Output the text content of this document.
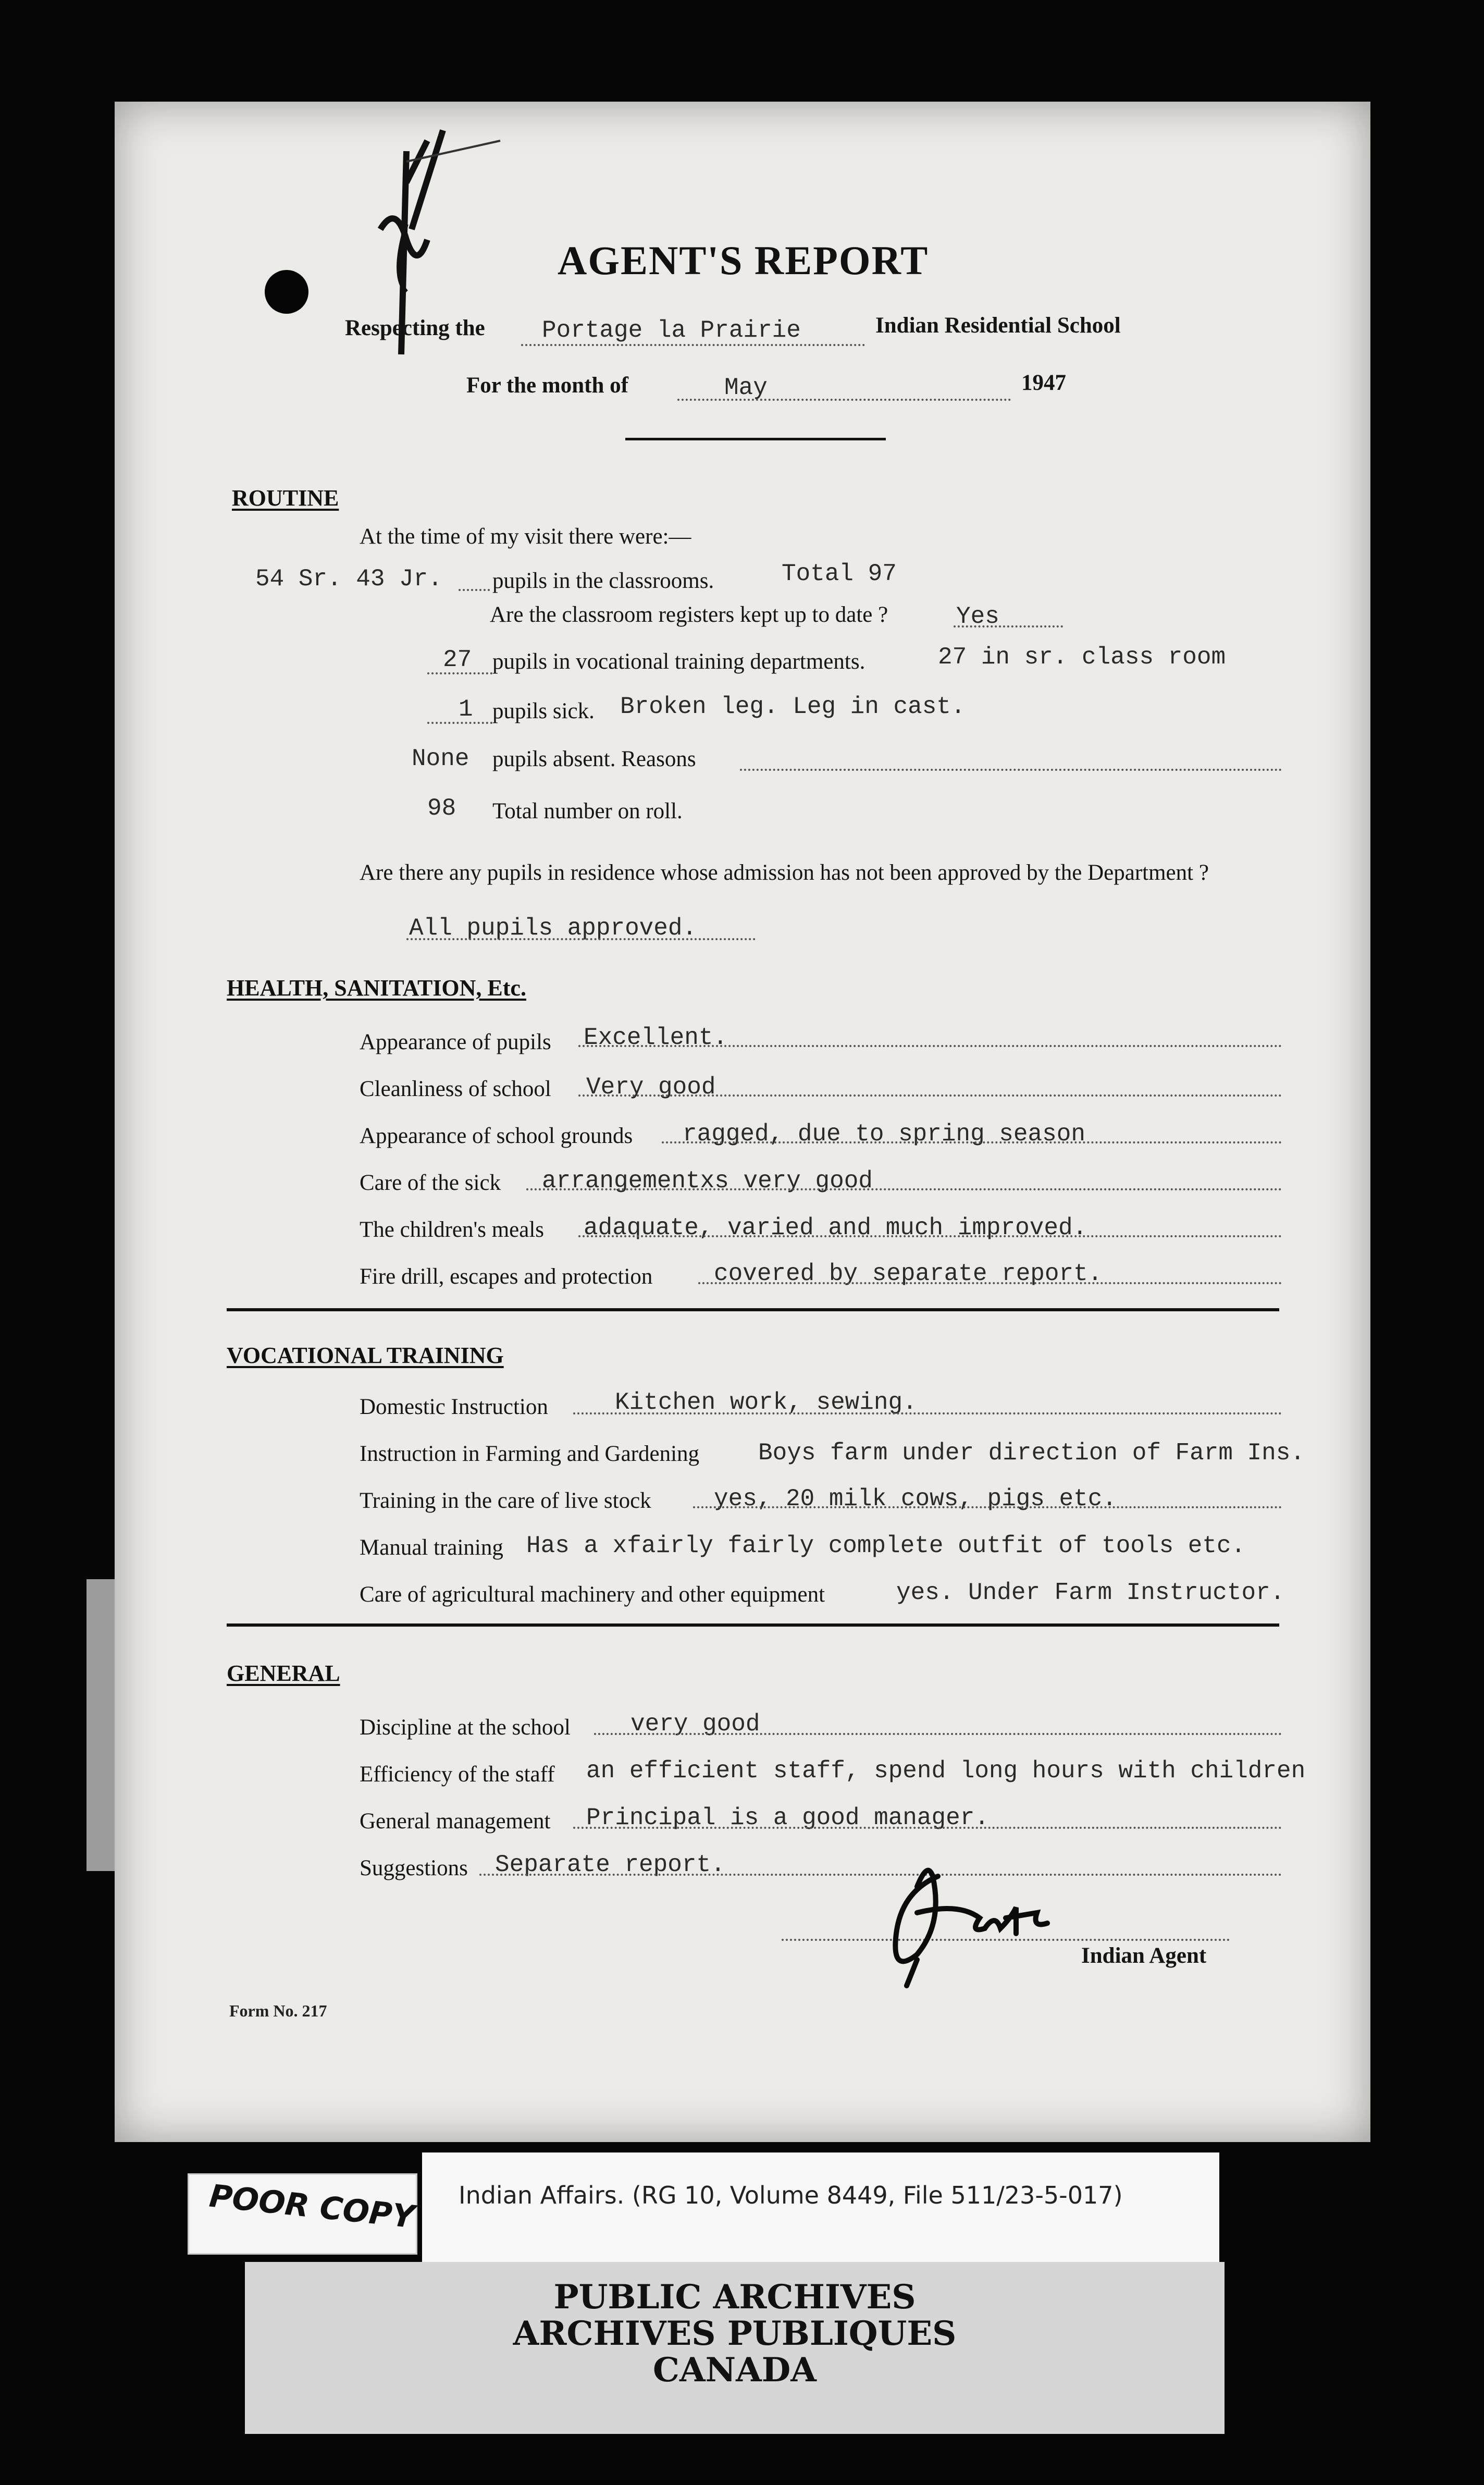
AGENT'S REPORT
Respecting the Portage la Prairie	Indian Residential School
For the month of	May	1947
ROUTINE
At the time of my visit there were:—
54 Sr. 43 Jr. pupils in the classrooms.	Total 97
Are the classroom registers kept up to date ?	Yes
27 pupils in vocational training departments.	27 in sr. class room
1 pupils sick. Broken leg. Leg in cast.
None pupils absent. Reasons
98 Total number on roll.
Are there any pupils in residence whose admission has not been approved by the Department ?
All pupils approved.
HEALTH, SANITATION, Etc.
Appearance of pupils Excellent.
Cleanliness of school Very good
Appearance of school grounds ragged, due to spring season
Care of the sick arrangementxs very good
The children's meals adaquate, varied and much improved.
Fire drill, escapes and protection	covered by separate report.
VOCATIONAL TRAINING
Domestic Instruction	Kitchen work, sewing.
Instruction in Farming and Gardening Boys farm under direction of Farm Ins.
Training in the care of live stock	yes, 20 milk cows, pigs etc.
Manual training Has a xfairly fairly complete outfit of tools etc.
Care of agricultural machinery and other equipment	yes. Under Farm Instructor.
GENERAL
Discipline at the school	very good
Efficiency of the staff an efficient staff, spend long hours with children
General management Principal is a good manager.
Suggestions Separate report.
Indian Agent
Form No. 217
Indian Affairs. (RG 10, Volume 8449, File 511/23-5-017)
POOR COPY
PUBLIC ARCHIVES
ARCHIVES PUBLIQUES
CANADA
